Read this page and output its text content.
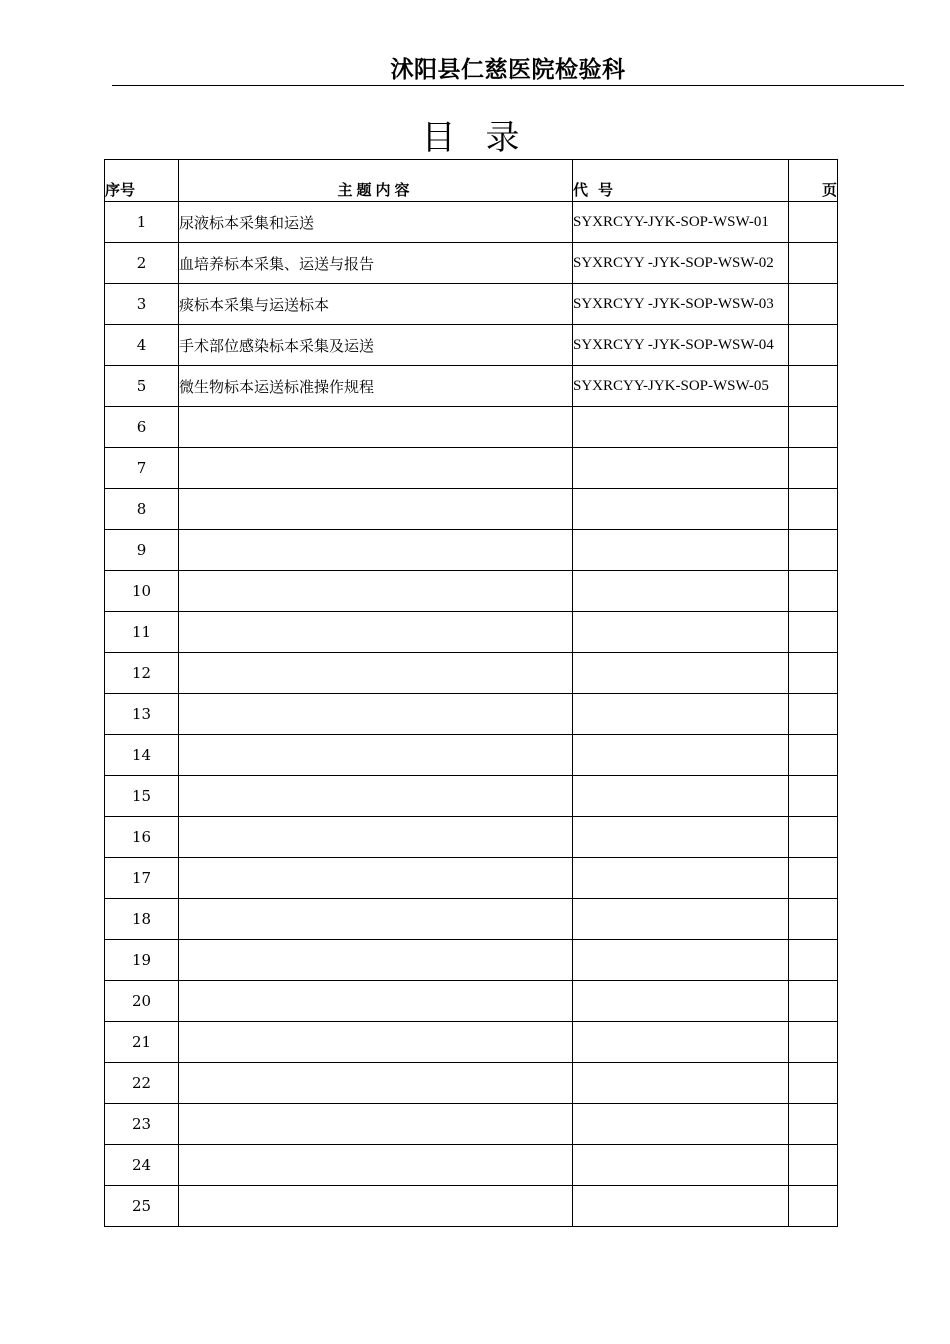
沭阳县仁慈医院检验科
目录
序号	主题内容	代号	页
1	尿液标本采集和运送	SYXRCYY-JYK-SOP-WSW-01	
2	血培养标本采集、运送与报告	SYXRCYY -JYK-SOP-WSW-02	
3	痰标本采集与运送标本	SYXRCYY -JYK-SOP-WSW-03	
4	手术部位感染标本采集及运送	SYXRCYY -JYK-SOP-WSW-04	
5	微生物标本运送标准操作规程	SYXRCYY-JYK-SOP-WSW-05	
6			
7			
8			
9			
10			
11			
12			
13			
14			
15			
16			
17			
18			
19			
20			
21			
22			
23			
24			
25			
